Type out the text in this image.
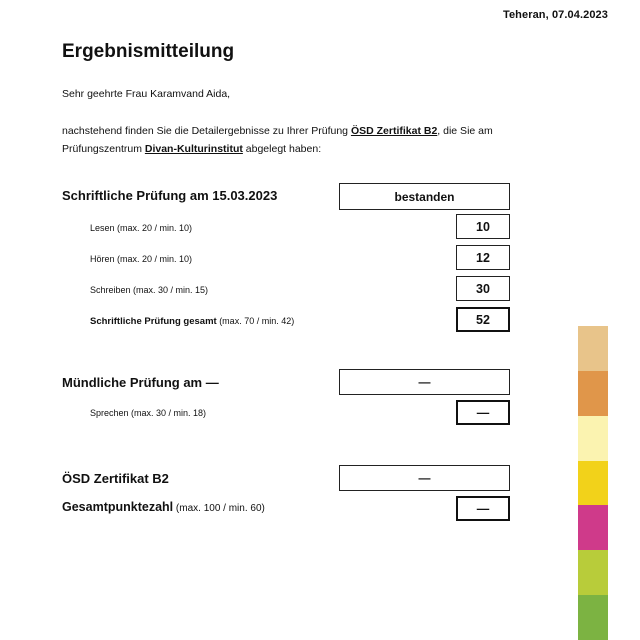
Teheran, 07.04.2023
Ergebnismitteilung
Sehr geehrte Frau Karamvand Aida,
nachstehend finden Sie die Detailergebnisse zu Ihrer Prüfung ÖSD Zertifikat B2, die Sie am
Prüfungszentrum Divan-Kulturinstitut abgelegt haben:
Schriftliche Prüfung am 15.03.2023	bestanden
Lesen (max. 20 / min. 10)	10
Hören (max. 20 / min. 10)	12
Schreiben (max. 30 / min. 15)	30
Schriftliche Prüfung gesamt (max. 70 / min. 42)	52
Mündliche Prüfung am —	—
Sprechen (max. 30 / min. 18)	—
ÖSD Zertifikat B2	—
Gesamtpunktezahl (max. 100 / min. 60)	—
